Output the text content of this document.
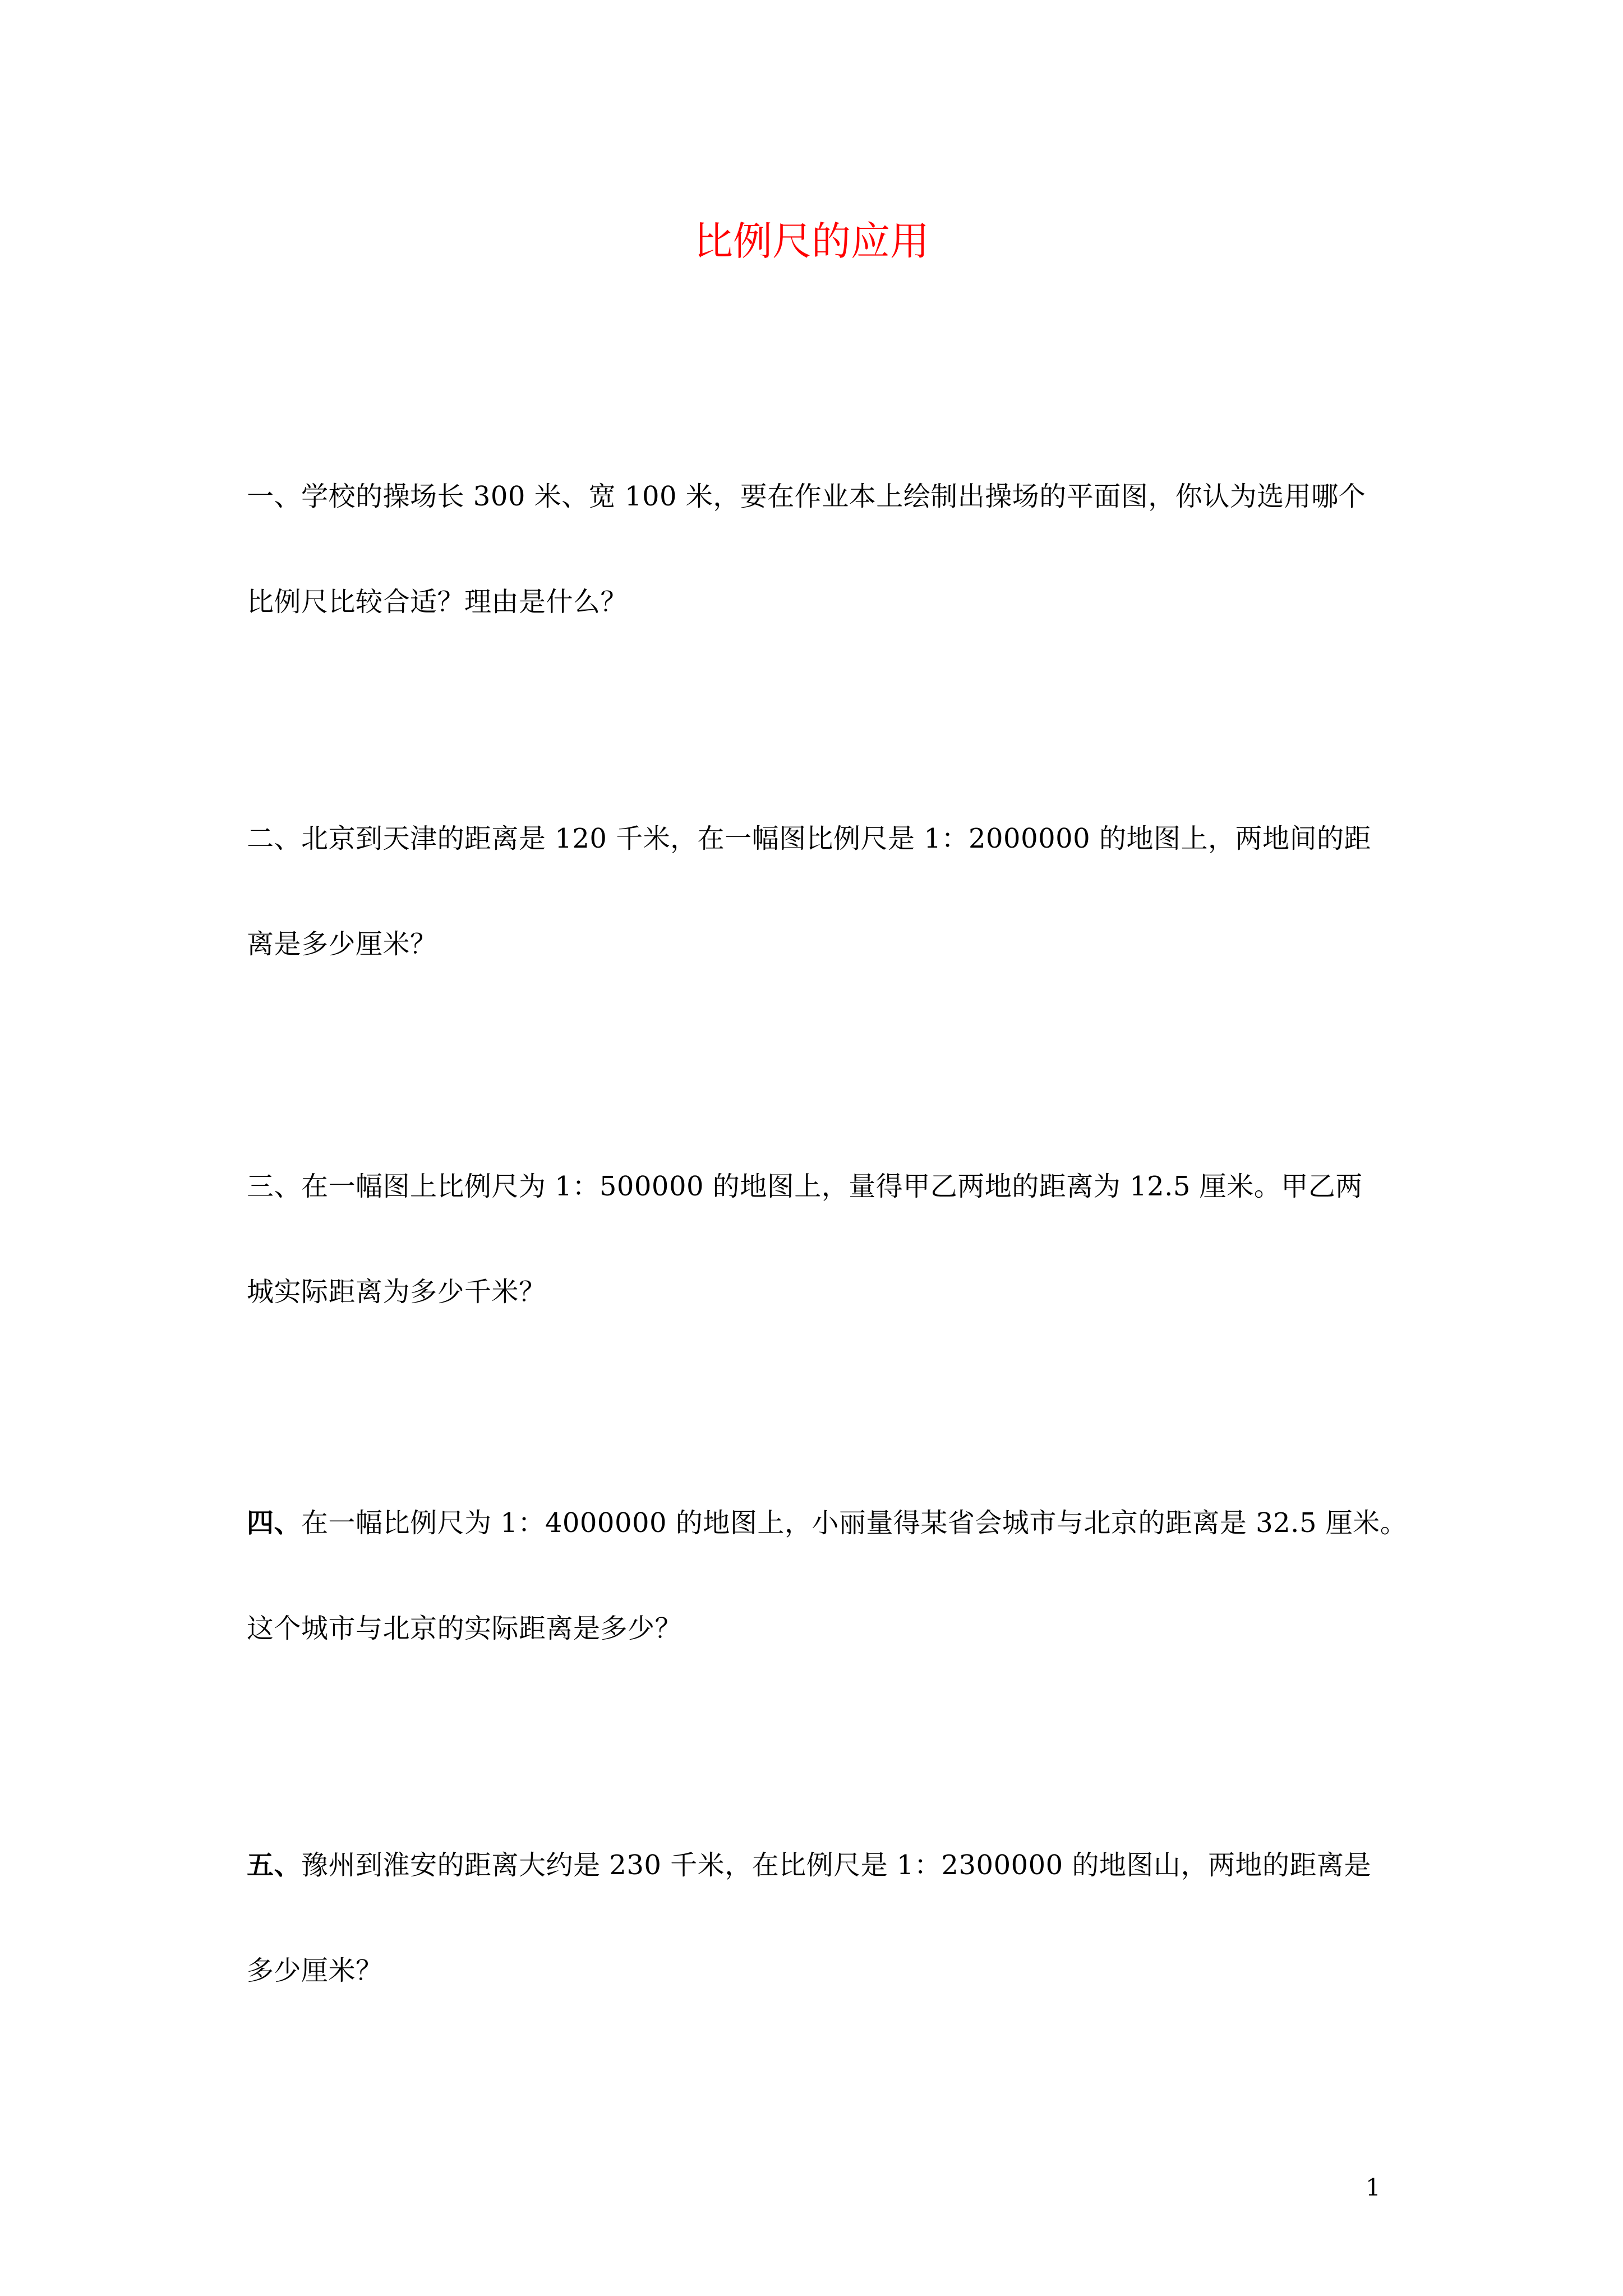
比例尺的应用
一、学校的操场长 300 米、宽 100 米，要在作业本上绘制出操场的平面图，你认为选用哪个
比例尺比较合适？理由是什么？
二、北京到天津的距离是 120 千米，在一幅图比例尺是 1：2000000 的地图上，两地间的距
离是多少厘米？
三、在一幅图上比例尺为 1：500000 的地图上，量得甲乙两地的距离为 12.5 厘米。甲乙两
城实际距离为多少千米？
四、在一幅比例尺为 1：4000000 的地图上，小丽量得某省会城市与北京的距离是 32.5 厘米。
这个城市与北京的实际距离是多少？
五、豫州到淮安的距离大约是 230 千米，在比例尺是 1：2300000 的地图山，两地的距离是
多少厘米？
1
